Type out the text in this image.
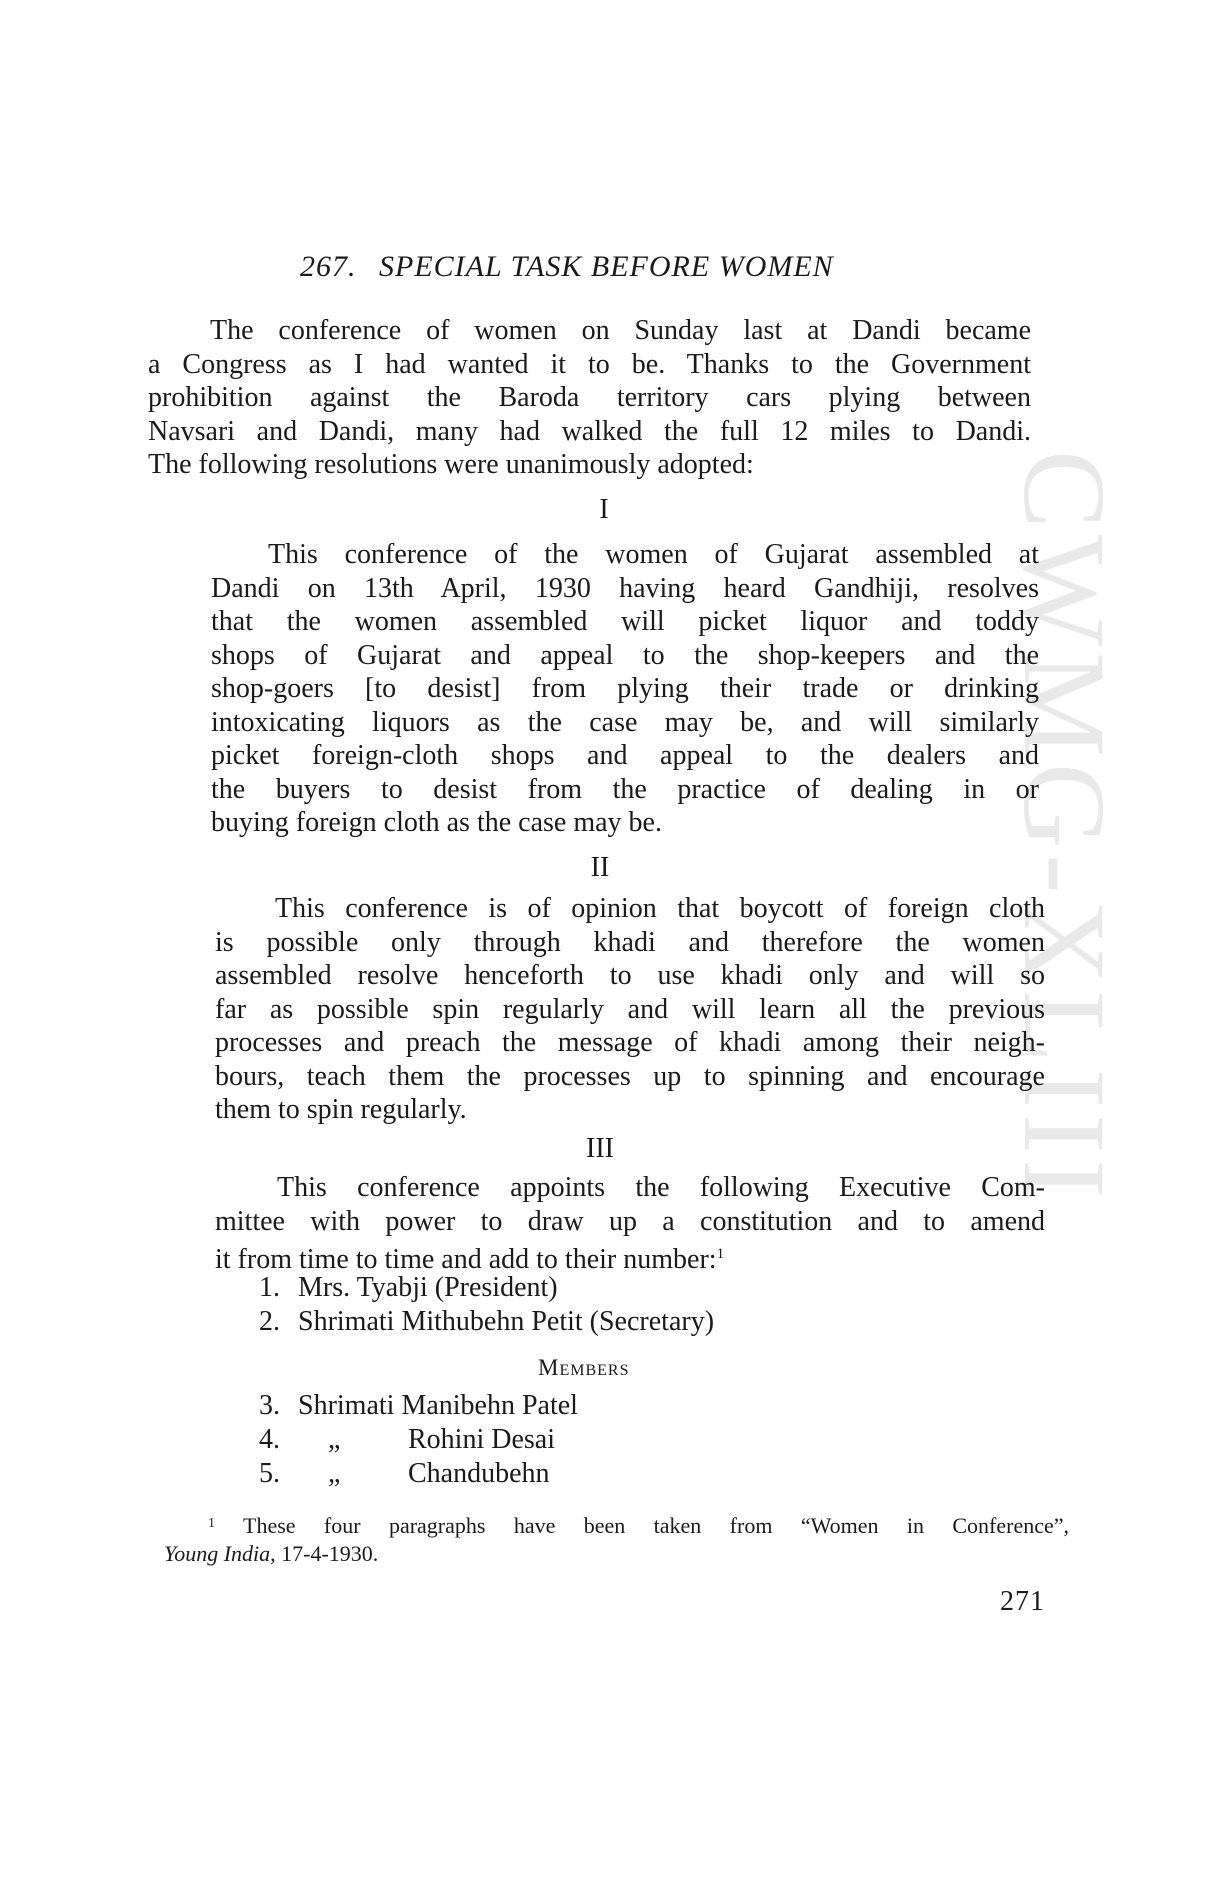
CWMG-XLIII
267. SPECIAL TASK BEFORE WOMEN
The conference of women on Sunday last at Dandi became
a Congress as I had wanted it to be. Thanks to the Government
prohibition against the Baroda territory cars plying between
Navsari and Dandi, many had walked the full 12 miles to Dandi.
The following resolutions were unanimously adopted:
I
This conference of the women of Gujarat assembled at
Dandi on 13th April, 1930 having heard Gandhiji, resolves
that the women assembled will picket liquor and toddy
shops of Gujarat and appeal to the shop-keepers and the
shop-goers [to desist] from plying their trade or drinking
intoxicating liquors as the case may be, and will similarly
picket foreign-cloth shops and appeal to the dealers and
the buyers to desist from the practice of dealing in or
buying foreign cloth as the case may be.
II
This conference is of opinion that boycott of foreign cloth
is possible only through khadi and therefore the women
assembled resolve henceforth to use khadi only and will so
far as possible spin regularly and will learn all the previous
processes and preach the message of khadi among their neigh-
bours, teach them the processes up to spinning and encourage
them to spin regularly.
III
This conference appoints the following Executive Com-
mittee with power to draw up a constitution and to amend
it from time to time and add to their number:$^1$
1. Mrs. Tyabji (President)
2. Shrimati Mithubehn Petit (Secretary)
Members
3. Shrimati Manibehn Patel
4. „ Rohini Desai
5. „ Chandubehn
$^1$ These four paragraphs have been taken from “Women in Conference”,
Young India, 17-4-1930.
271
